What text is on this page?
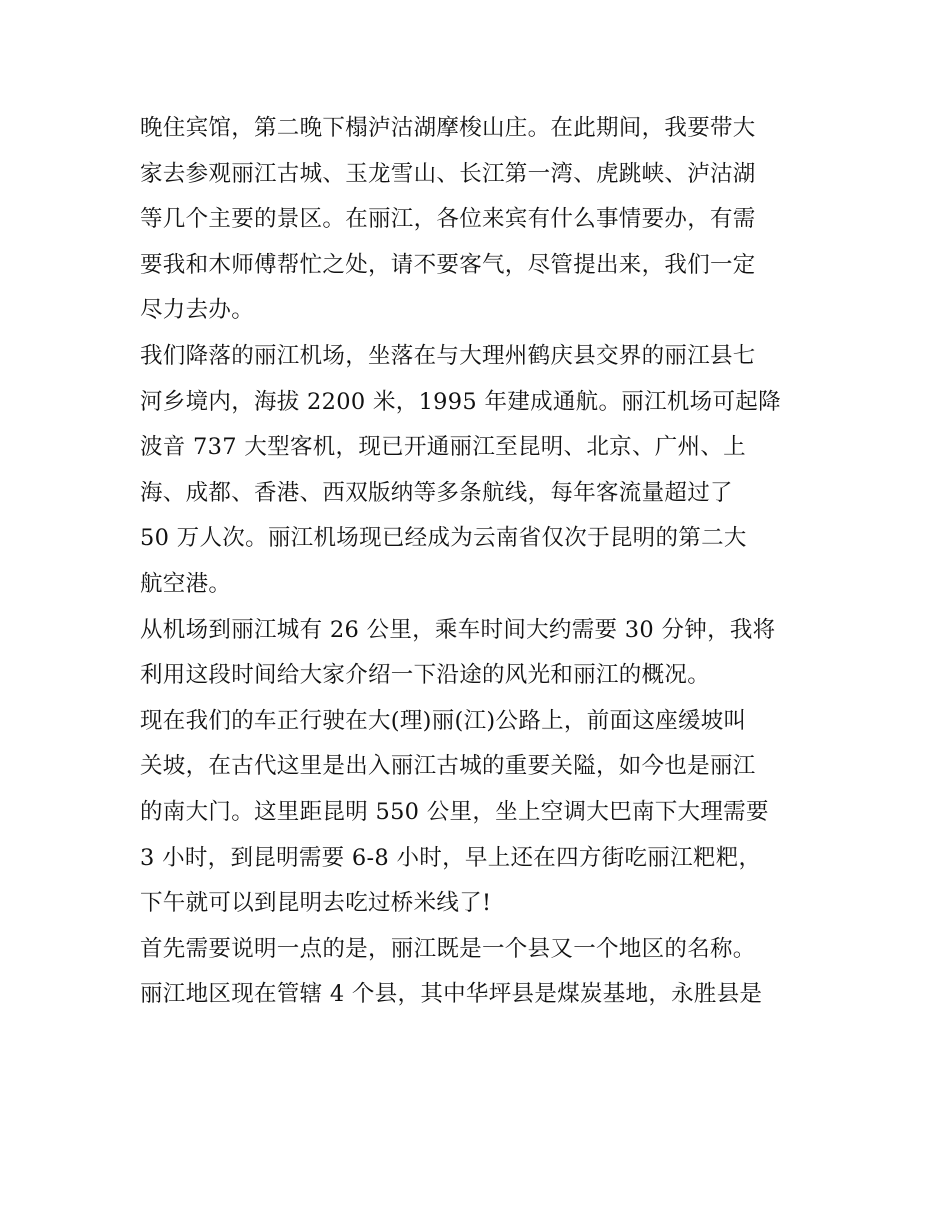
晚住宾馆，第二晚下榻泸沽湖摩梭山庄。在此期间，我要带大
家去参观丽江古城、玉龙雪山、长江第一湾、虎跳峡、泸沽湖
等几个主要的景区。在丽江，各位来宾有什么事情要办，有需
要我和木师傅帮忙之处，请不要客气，尽管提出来，我们一定
尽力去办。
我们降落的丽江机场，坐落在与大理州鹤庆县交界的丽江县七
河乡境内，海拔 2200 米，1995 年建成通航。丽江机场可起降
波音 737 大型客机，现已开通丽江至昆明、北京、广州、上
海、成都、香港、西双版纳等多条航线，每年客流量超过了
50 万人次。丽江机场现已经成为云南省仅次于昆明的第二大
航空港。
从机场到丽江城有 26 公里，乘车时间大约需要 30 分钟，我将
利用这段时间给大家介绍一下沿途的风光和丽江的概况。
现在我们的车正行驶在大(理)丽(江)公路上，前面这座缓坡叫
关坡，在古代这里是出入丽江古城的重要关隘，如今也是丽江
的南大门。这里距昆明 550 公里，坐上空调大巴南下大理需要
3 小时，到昆明需要 6-8 小时，早上还在四方街吃丽江粑粑，
下午就可以到昆明去吃过桥米线了!
首先需要说明一点的是，丽江既是一个县又一个地区的名称。
丽江地区现在管辖 4 个县，其中华坪县是煤炭基地，永胜县是
